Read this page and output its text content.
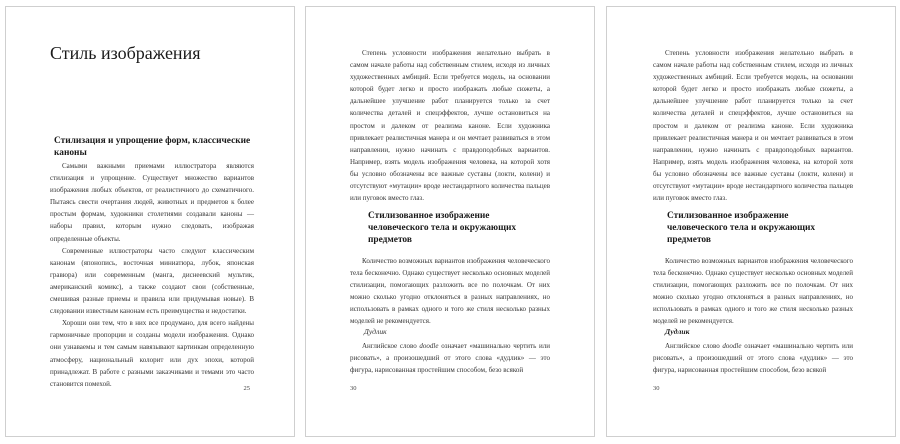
Стиль изображения
Стилизация и упрощение форм, классические каноны

Самыми важными приемами иллюстратора являются стилизация и упрощение. Существует множество вариантов изображения любых объектов, от реалистичного до схематичного. Пытаясь свести очертания людей, животных и предметов к более простым формам, художники столетиями создавали каноны — наборы правил, которым нужно следовать, изображая определенные объекты.

Современные иллюстраторы часто следуют классическим канонам (японопись, восточная миниатюра, лубок, японская гравюра) или современным (манга, диснеевский мультик, американский комикс), а также создают свои (собственные, смешивая разные приемы и правила или придумывая новые). В следовании известным канонам есть преимущества и недостатки.

Хороши они тем, что в них все продумано, для всего найдены гармоничные пропорции и созданы модели изображения. Однако они узнаваемы и тем самым навязывают картинкам определенную атмосферу, национальный колорит или дух эпохи, которой принадлежат. В работе с разными заказчиками и темами это часто становится помехой.

25

Степень условности изображения желательно выбрать в самом начале работы над собственным стилем, исходя из личных художественных амбиций. Если требуется модель, на основании которой будет легко и просто изображать любые сюжеты, а дальнейшее улучшение работ планируется только за счет количества деталей и спецэффектов, лучше остановиться на простом и далеком от реализма каноне. Если художника привлекает реалистичная манера и он мечтает развиваться в этом направлении, нужно начинать с правдоподобных вариантов. Например, взять модель изображения человека, на которой хотя бы условно обозначены все важные суставы (локти, колени) и отсутствуют «мутации» вроде нестандартного количества пальцев или пуговок вместо глаз.

Стилизованное изображение человеческого тела и окружающих предметов

Количество возможных вариантов изображения человеческого тела бесконечно. Однако существует несколько основных моделей стилизации, помогающих разложить все по полочкам. От них можно сколько угодно отклоняться в разных направлениях, но использовать в рамках одного и того же стиля несколько разных моделей не рекомендуется.

Дудлик

Английское слово doodle означает «машинально чертить или рисовать», а произошедший от этого слова «дудлик» — это фигура, нарисованная простейшим способом, безо всякой

30

Степень условности изображения желательно выбрать в самом начале работы над собственным стилем, исходя из личных художественных амбиций. Если требуется модель, на основании которой будет легко и просто изображать любые сюжеты, а дальнейшее улучшение работ планируется только за счет количества деталей и спецэффектов, лучше остановиться на простом и далеком от реализма каноне. Если художника привлекает реалистичная манера и он мечтает развиваться в этом направлении, нужно начинать с правдоподобных вариантов. Например, взять модель изображения человека, на которой хотя бы условно обозначены все важные суставы (локти, колени) и отсутствуют «мутации» вроде нестандартного количества пальцев или пуговок вместо глаз.

Стилизованное изображение человеческого тела и окружающих предметов

Количество возможных вариантов изображения человеческого тела бесконечно. Однако существует несколько основных моделей стилизации, помогающих разложить все по полочкам. От них можно сколько угодно отклоняться в разных направлениях, но использовать в рамках одного и того же стиля несколько разных моделей не рекомендуется.

Дудлик

Английское слово doodle означает «машинально чертить или рисовать», а произошедший от этого слова «дудлик» — это фигура, нарисованная простейшим способом, безо всякой

30
